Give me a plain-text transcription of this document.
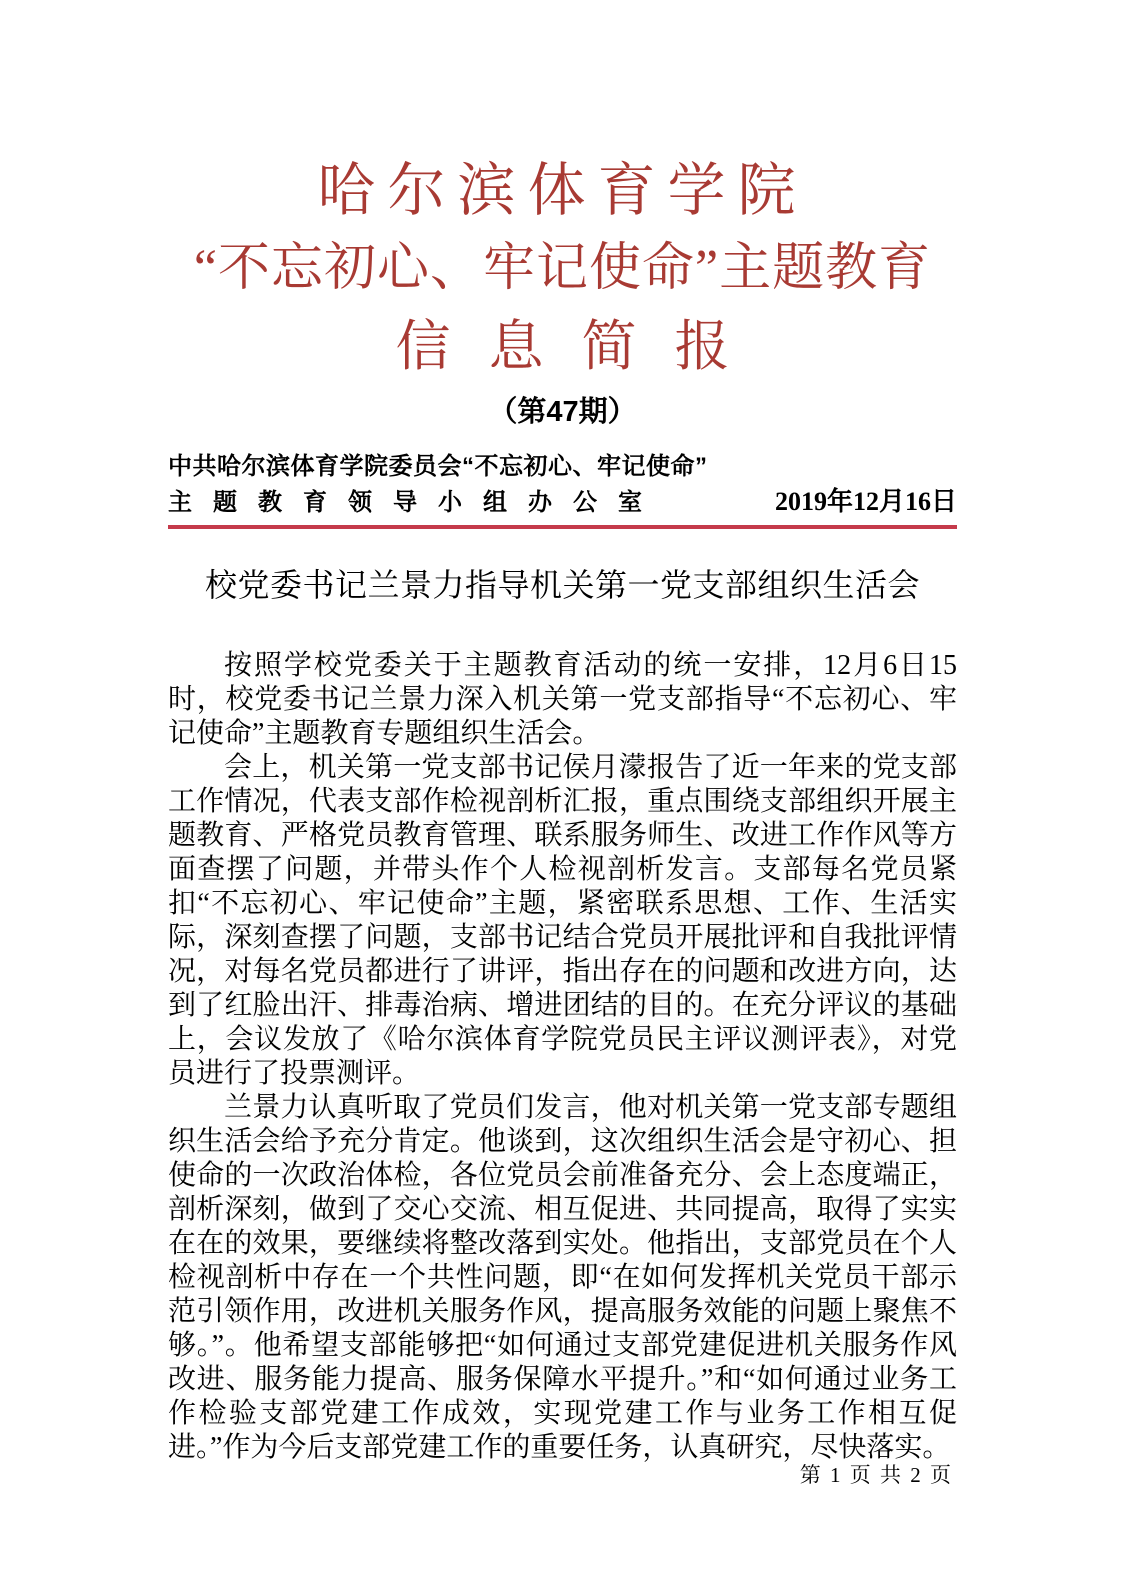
哈尔滨体育学院
“不忘初心、牢记使命”主题教育
信息简报
（第47期）
中共哈尔滨体育学院委员会“不忘初心、牢记使命”
主题教育领导小组办公室	2019年12月16日
校党委书记兰景力指导机关第一党支部组织生活会

按照学校党委关于主题教育活动的统一安排，12月6日15时，校党委书记兰景力深入机关第一党支部指导“不忘初心、牢记使命”主题教育专题组织生活会。

会上，机关第一党支部书记侯月濛报告了近一年来的党支部工作情况，代表支部作检视剖析汇报，重点围绕支部组织开展主题教育、严格党员教育管理、联系服务师生、改进工作作风等方面查摆了问题，并带头作个人检视剖析发言。支部每名党员紧扣“不忘初心、牢记使命”主题，紧密联系思想、工作、生活实际，深刻查摆了问题，支部书记结合党员开展批评和自我批评情况，对每名党员都进行了讲评，指出存在的问题和改进方向，达到了红脸出汗、排毒治病、增进团结的目的。在充分评议的基础上，会议发放了《哈尔滨体育学院党员民主评议测评表》，对党员进行了投票测评。

兰景力认真听取了党员们发言，他对机关第一党支部专题组织生活会给予充分肯定。他谈到，这次组织生活会是守初心、担使命的一次政治体检，各位党员会前准备充分、会上态度端正，剖析深刻，做到了交心交流、相互促进、共同提高，取得了实实在在的效果，要继续将整改落到实处。他指出，支部党员在个人检视剖析中存在一个共性问题，即“在如何发挥机关党员干部示范引领作用，改进机关服务作风，提高服务效能的问题上聚焦不够。”。他希望支部能够把“如何通过支部党建促进机关服务作风改进、服务能力提高、服务保障水平提升。”和“如何通过业务工作检验支部党建工作成效，实现党建工作与业务工作相互促进。”作为今后支部党建工作的重要任务，认真研究，尽快落实。

第 1 页 共 2 页
